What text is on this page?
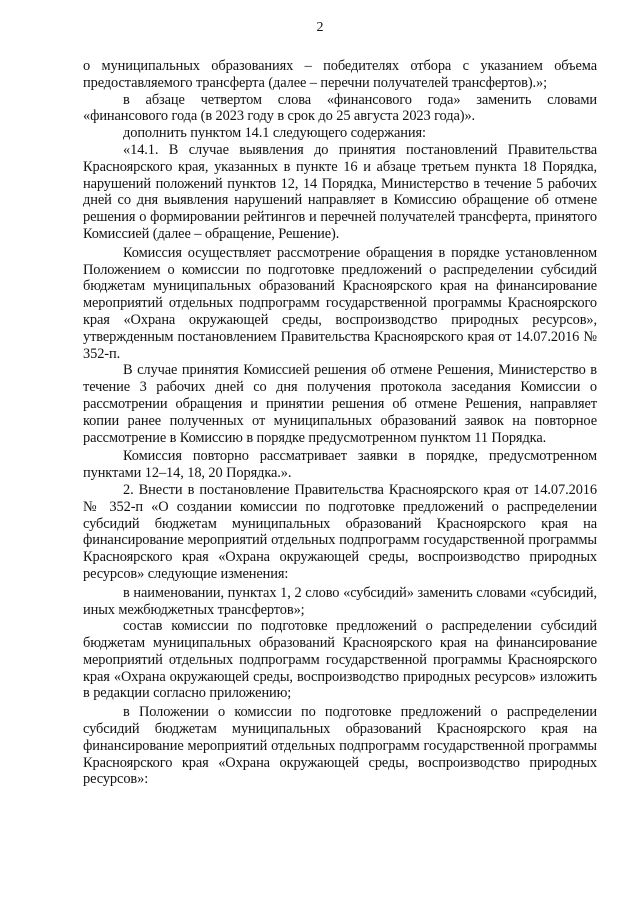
2

о муниципальных образованиях – победителях отбора с указанием объема предоставляемого трансферта (далее – перечни получателей трансфертов).»;

в абзаце четвертом слова «финансового года» заменить словами «финансового года (в 2023 году в срок до 25 августа 2023 года)».

дополнить пунктом 14.1 следующего содержания:

«14.1. В случае выявления до принятия постановлений Правительства Красноярского края, указанных в пункте 16 и абзаце третьем пункта 18 Порядка, нарушений положений пунктов 12, 14 Порядка, Министерство в течение 5 рабочих дней со дня выявления нарушений направляет в Комиссию обращение об отмене решения о формировании рейтингов и перечней получателей трансферта, принятого Комиссией (далее – обращение, Решение).

Комиссия осуществляет рассмотрение обращения в порядке установленном Положением о комиссии по подготовке предложений о распределении субсидий бюджетам муниципальных образований Красноярского края на финансирование мероприятий отдельных подпрограмм государственной программы Красноярского края «Охрана окружающей среды, воспроизводство природных ресурсов», утвержденным постановлением Правительства Красноярского края от 14.07.2016 № 352-п.

В случае принятия Комиссией решения об отмене Решения, Министерство в течение 3 рабочих дней со дня получения протокола заседания Комиссии о рассмотрении обращения и принятии решения об отмене Решения, направляет копии ранее полученных от муниципальных образований заявок на повторное рассмотрение в Комиссию в порядке предусмотренном пунктом 11 Порядка.

Комиссия повторно рассматривает заявки в порядке, предусмотренном пунктами 12–14, 18, 20 Порядка.».

2. Внести в постановление Правительства Красноярского края от 14.07.2016 № 352-п «О создании комиссии по подготовке предложений о распределении субсидий бюджетам муниципальных образований Красноярского края на финансирование мероприятий отдельных подпрограмм государственной программы Красноярского края «Охрана окружающей среды, воспроизводство природных ресурсов» следующие изменения:

в наименовании, пунктах 1, 2 слово «субсидий» заменить словами «субсидий, иных межбюджетных трансфертов»;

состав комиссии по подготовке предложений о распределении субсидий бюджетам муниципальных образований Красноярского края на финансирование мероприятий отдельных подпрограмм государственной программы Красноярского края «Охрана окружающей среды, воспроизводство природных ресурсов» изложить в редакции согласно приложению;

в Положении о комиссии по подготовке предложений о распределении субсидий бюджетам муниципальных образований Красноярского края на финансирование мероприятий отдельных подпрограмм государственной программы Красноярского края «Охрана окружающей среды, воспроизводство природных ресурсов»:
